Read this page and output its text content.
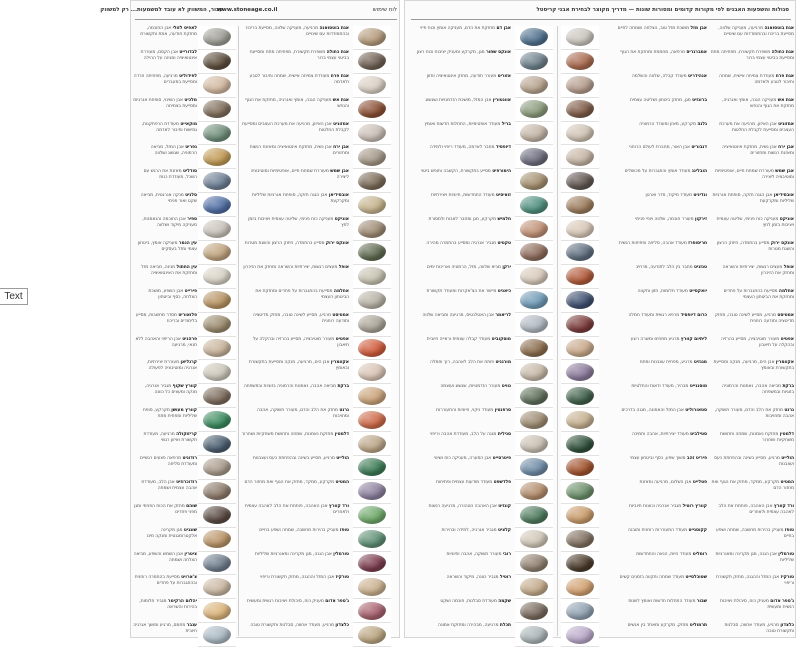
Text
עבור, המשווק לא עובד למשמעות... רק למשווק
www.stoneage.co.il	לוח שימוש
לאפיס לזולי אבן החוכמה, מחזקת תודעה, אמת ותקשורת
לבדורייט אבן הקסם, מעוררת אינטואיציה ומגינה על ההילה
לפידוליט מרגיעה, מפחיתה חרדה ומסייעת במעברים
מלכיט אבן השינוי, סופחת אנרגיות ומסייעת בצמיחה
מוקאייט מעודדת הרפתקנות, גמישות וחיבור לאדמה
נפריט אבן המזל, מביאה הרמוניה, שגשוג ושלווה
סודליט מאזנת את הרגש עם השכל, מעודדת כנות
סלניט מנקה אנרגטית, מביאה שקט ואור פנימי
ספיר אבן החוכמה והנאמנות, מעניקה מיקוד ושלווה
עין הנמר מעניקה אומץ, ביטחון עצמי ומזל בעסקים
עין החתול מגינה, מביאה מזל ומחזקת את האינטואיציה
פירייט אבן השפע, מושכת הצלחה, כסף וביטחון
פלואוריט מסדר מחשבות, מסייע בלימודים ובריכוז
פרהניט אבן הריפוי והאהבה ללא תנאי, מרגיעה
קרנליאן מעוררת יצירתיות, אנרגיה ומוטיבציה לפעולה
קוורץ שקוף מגביר אנרגיה, מנקה ומעצים כל כוונה
קוורץ מעושן מקרקע, סופח שליליות ומפחית מתח
קריזוקולה מרגיעה, מעודדת תקשורת ואיזון רגשי
רודוניט מרפאה פצעים רגשיים ומעודדת סליחה
רודוכרוזיט אבן הלב, מעודדת אהבה עצמית ושמחה
שוהם מחזק את הכוח הפנימי ומגן מפני פחדים
שונגיט מגן מקרינה אלקטרומגנטית ומנקה מים
ציטרין אבן השמש והשפע, מביאה הצלחה ושמחה
צ'ארויט מסייעת בהתמרה רוחנית ובהתגברות על פחדים
יהלום הרקימר מגביר חלומות, בהירות והשראה
ענבר מחמם, מרגיע ומושך אנרגיה חיובית
אגת בוטסואנה מרגיעה, מעניקה שלווה, מסייעת בריכוז ובהתמודדות עם שינויים
אגת כחולה משפרת תקשורת, מפחיתה מתח ומסייעת בביטוי עצמי ברור
אגת פרח מעודדת צמיחה אישית, שמחה וחיבור לטבע ולאדמה
אגת אש מעניקה הגנה, אומץ ואנרגיה, מחזקת את הגוף והנפש
אמזוניט אבן האיזון, מרגיעה את מערכת העצבים ומסייעת לקבלת החלטות
אבן ירח אבן נשית, מחזקת אינטואיציה ומאזנת רגשות ומחזורים
אבן שמש מעוררת שמחת חיים, אופטימיות ומוטיבציה ליצירה
אובסידיאן אבן הגנה חזקה, סופחת אנרגיות שליליות ומקרקעת
אוניקס מעניקה כוח פנימי, שליטה עצמית ויציבות בזמן לחץ
אונקס ירוק מסייע בהתמדה, חיזוק הרצון והשגת מטרות
אופל מעצים רגשות, יצירתיות והשראה ומחזק את הזיכרון
אחלמה מסייעת בהתגברות על פחדים ומחזקת את הביטחון העצמי
אמטיסט מרגיע, מסייע לשינה טובה, מחזק מדיטציה ותודעה רוחנית
אפטיט מעורר מוטיבציה, מסייע בהרזיה ובהקלה על תיאבון
אקוומרין אבן הים, מרגיעה, מנקה ומסייעת בתקשורת ובאומץ
ברקת מביאה אהבה, נאמנות והרמוניה בזוגיות ובמשפחה
גרנט מחזק את הלב והדם, מעורר תשוקה, אהבה ומחויבות
דלמטין מחזקת נאמנות, שמחה ותחושת משחקיות ושחרור
הולייט מרגיע, מסייע בשינה ובהפחתת כעס ועצבנות
המטיט מקרקע, ממקד, מחזק את הגוף ואת מחזור הדם
ורד קוורץ אבן האהבה, פותחת את הלב לאהבה עצמית ולאחרים
טופז מעניק בהירות מחשבה, שמחה ושפע בחיים
טורמלין אבן הגנה, מגן מקרינה ומאנרגיות שליליות
טורקיז אבן המזל וההגנה, מחזק תקשורת וריפוי
ג'ספר אדום מעניק כוח, סיבולת ויציבות רגשית ומעשית
כלצדון מרגיע, מעודד אחווה, סבלנות ותקשורת טובה
סגולות והשפעות האבנים לפי מקורות קדומים ומסורות שונות — מדריך מקוצר לבחירת אבני קריסטל
אבן דם מחזקת את הדם, מעניקה אומץ וכוח פיזי
אונקס שחור מגן, מקרקע ומעניק יציבות וכוח רצון
אזוריט מעורר תודעה, מחזק אינטואיציה וחזון
אוונטורין אבן המזל, מושכת הזדמנויות ושגשוג
בריל מעודד אופטימיות, התחלות חדשות ואומץ
דיופסיד מחבר לאדמה, מעודד ריפוי ולמידה
הימורפיט מסייע בתקשורת, הקשבה וחופש ביטוי
זואיסיט מעודד התחדשות, חיוניות ויצירתיות
חלמיש מקרקע, מגן ומחבר לאבות ולמסורת
טקטיט מגביר אנרגיה ומסייע בהתמרה מהירה
ירקן מביא שלווה, מזל, הרמוניה ואריכות ימים
כיאניט מיישר את הצ'אקרות ומעודד תקשורת
לריאמר אבן האטלנטיס, מרגיעה ומביאה שלווה
מוסקוביט מעודד קבלה עצמית וראייה חיובית
מורגניט פותח את הלב לאהבה, רוך וחמלה
נוויט מעורר הזדמנויות, שגשוג ועוצמה
סרפנטין מעודד ניקוי, חיוניות והתעוררות
סגילית מגנה על הלב, מעודדת אהבה וריפוי
פיטרסייט אבן הסערה, מעניקה כוח ושינוי
פלדשפט מעודד מודעות עצמית ופתיחות
קונזיט אבן האהבה הטהורה, מרגיעה רגשות
קלציט מגביר אנרגיה, למידה ובהירות
רובי מעורר תשוקה, אהבה וחיוניות
רוטיל מגביר כוונה, מיקוד והשראה
שקמה מעודדת סבלנות, חוכמה ושקט
תכלת מרגיעה, מבהירה ומחזקת אמונה
אבן מזל מושכת מזל טוב, הצלחה ושמחה לחיים
אמברגריס מרפאה, מחממת ומחזקת את הגוף
אנהידריט מעודד קבלה, שלווה והשלמה
ברונזיט מגן, מחזק ביטחון ושליטה עצמית
גלנה מקרקע, מאזן ומעודד הרמוניה
דנבוריט אבן האור, מחברת לעולם הרוחני
הובלינג מעודד אומץ והתגברות על מכשולים
ונדיניט מעודד מיקוד, סדר וארגון
זירקון מעורר חוכמה, שלווה ויופי פנימי
חריסופרז מעודד אהבה, סליחה ופתיחות רגשית
טנזניט מחבר בין הלב לתודעה, מרחיב
יואקסייט מעודד חלומות, חזון ותקווה
כרום דיופסיד מרפא רגשית ומעודד חמלה
ליתיום קוורץ מרגיע מתחים ומשרה רוגע
מגנזיט מרגיע, מפחית עצבנות ומתח
מוסגנייט מבהיר, מעודד ודאות והחלטיות
סטאורוליט אבן המזל והאמונה, מגנה בדרכים
סטילביט מעודד יצירתיות, אהבה ותמיכה
פיריט זהב מושך שפע, כסף וביטחון עצמי
פטלייט אבן השלום, מרגיעה ומאזנת
קוורץ רוטיל מגביר אנרגיה וכוונות חיוביות
קקוסנייט מעודד התעוררות רוחנית ותובנה
רומליט מעודד חיות, הנאה והתחדשות
שטוכלסייט מעודד שמחה ותקווה בזמנים קשים
שבור מעודד התחלות חדשות ואומץ לשנות
תרמוליט מחזק, מקרקע ומאחד בין אנשים
אגת בוטסואנה מרגיעה, מעניקה שלווה, מסייעת בריכוז ובהתמודדות עם שינויים
אגת כחולה משפרת תקשורת, מפחיתה מתח ומסייעת בביטוי עצמי ברור
אגת פרח מעודדת צמיחה אישית, שמחה וחיבור לטבע ולאדמה
אגת אש מעניקה הגנה, אומץ ואנרגיה, מחזקת את הגוף והנפש
אמזוניט אבן האיזון, מרגיעה את מערכת העצבים ומסייעת לקבלת החלטות
אבן ירח אבן נשית, מחזקת אינטואיציה ומאזנת רגשות ומחזורים
אבן שמש מעוררת שמחת חיים, אופטימיות ומוטיבציה ליצירה
אובסידיאן אבן הגנה חזקה, סופחת אנרגיות שליליות ומקרקעת
אוניקס מעניקה כוח פנימי, שליטה עצמית ויציבות בזמן לחץ
אונקס ירוק מסייע בהתמדה, חיזוק הרצון והשגת מטרות
אופל מעצים רגשות, יצירתיות והשראה ומחזק את הזיכרון
אחלמה מסייעת בהתגברות על פחדים ומחזקת את הביטחון העצמי
אמטיסט מרגיע, מסייע לשינה טובה, מחזק מדיטציה ותודעה רוחנית
אפטיט מעורר מוטיבציה, מסייע בהרזיה ובהקלה על תיאבון
אקוומרין אבן הים, מרגיעה, מנקה ומסייעת בתקשורת ובאומץ
ברקת מביאה אהבה, נאמנות והרמוניה בזוגיות ובמשפחה
גרנט מחזק את הלב והדם, מעורר תשוקה, אהבה ומחויבות
דלמטין מחזקת נאמנות, שמחה ותחושת משחקיות ושחרור
הולייט מרגיע, מסייע בשינה ובהפחתת כעס ועצבנות
המטיט מקרקע, ממקד, מחזק את הגוף ואת מחזור הדם
ורד קוורץ אבן האהבה, פותחת את הלב לאהבה עצמית ולאחרים
טופז מעניק בהירות מחשבה, שמחה ושפע בחיים
טורמלין אבן הגנה, מגן מקרינה ומאנרגיות שליליות
טורקיז אבן המזל וההגנה, מחזק תקשורת וריפוי
ג'ספר אדום מעניק כוח, סיבולת ויציבות רגשית ומעשית
כלצדון מרגיע, מעודד אחווה, סבלנות ותקשורת טובה
